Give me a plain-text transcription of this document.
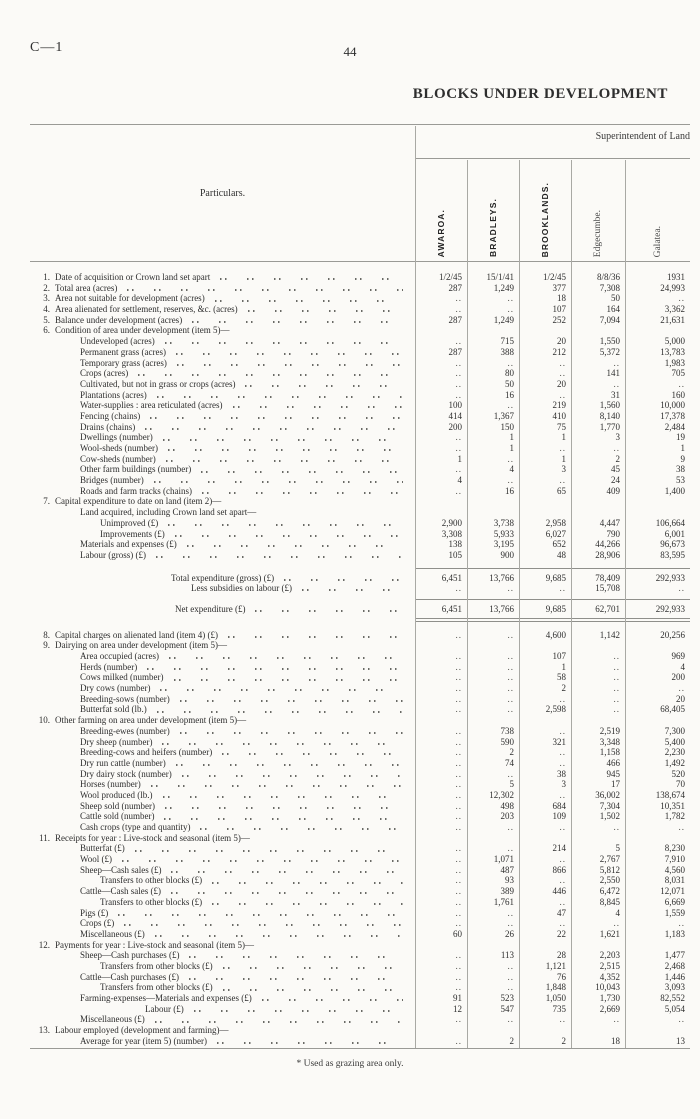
C—1	44
BLOCKS UNDER DEVELOPMENT
Superintendent of Land
Particulars.
AWAROA.	BRADLEYS.	BROOKLANDS.	Edgecumbe.	Galatea.
1. Date of acquisition or Crown land set apart	1/2/45	15/1/41	1/2/45	8/8/36	1931
2. Total area (acres)	287	1,249	377	7,308	24,993
3. Area not suitable for development (acres)	..	..	18	50	..
4. Area alienated for settlement, reserves, &c. (acres)	..	..	107	164	3,362
5. Balance under development (acres)	287	1,249	252	7,094	21,631
6. Condition of area under development (item 5)—
Undeveloped (acres)	..	715	20	1,550	5,000
Permanent grass (acres)	287	388	212	5,372	13,783
Temporary grass (acres)	..	..	..	..	1,983
Crops (acres)	..	80	..	141	705
Cultivated, but not in grass or crops (acres)	..	50	20	..	..
Plantations (acres)	..	16	..	31	160
Water-supplies : area reticulated (acres)	100	..	219	1,560	10,000
Fencing (chains)	414	1,367	410	8,140	17,378
Drains (chains)	200	150	75	1,770	2,484
Dwellings (number)	..	1	1	3	19
Wool-sheds (number)	..	1	..	..	1
Cow-sheds (number)	1	..	1	2	9
Other farm buildings (number)	..	4	3	45	38
Bridges (number)	4	..	..	24	53
Roads and farm tracks (chains)	..	16	65	409	1,400
7. Capital expenditure to date on land (item 2)—
Land acquired, including Crown land set apart—
Unimproved (£)	2,900	3,738	2,958	4,447	106,664
Improvements (£)	3,308	5,933	6,027	790	6,001
Materials and expenses (£)	138	3,195	652	44,266	96,673
Labour (gross) (£)	105	900	48	28,906	83,595
Total expenditure (gross) (£)	6,451	13,766	9,685	78,409	292,933
Less subsidies on labour (£)	..	..	..	15,708	..
Net expenditure (£)	6,451	13,766	9,685	62,701	292,933
8. Capital charges on alienated land (item 4) (£)	..	..	4,600	1,142	20,256
9. Dairying on area under development (item 5)—
Area occupied (acres)	..	..	107	..	969
Herds (number)	..	..	1	..	4
Cows milked (number)	..	..	58	..	200
Dry cows (number)	..	..	2	..	..
Breeding-sows (number)	..	..	..	..	20
Butterfat sold (lb.)	..	..	2,598	..	68,405
10. Other farming on area under development (item 5)—
Breeding-ewes (number)	..	738	..	2,519	7,300
Dry sheep (number)	..	590	321	3,348	5,400
Breeding-cows and heifers (number)	..	2	..	1,158	2,230
Dry run cattle (number)	..	74	..	466	1,492
Dry dairy stock (number)	..	..	38	945	520
Horses (number)	..	5	3	17	70
Wool produced (lb.)	..	12,302	..	36,002	138,674
Sheep sold (number)	..	498	684	7,304	10,351
Cattle sold (number)	..	203	109	1,502	1,782
Cash crops (type and quantity)	..	..	..	..	..
11. Receipts for year : Live-stock and seasonal (item 5)—
Butterfat (£)	..	..	214	5	8,230
Wool (£)	..	1,071	..	2,767	7,910
Sheep—Cash sales (£)	..	487	866	5,812	4,560
Transfers to other blocks (£)	..	93	..	2,550	8,031
Cattle—Cash sales (£)	..	389	446	6,472	12,071
Transfers to other blocks (£)	..	1,761	..	8,845	6,669
Pigs (£)	..	..	47	4	1,559
Crops (£)	..	..	..	..	..
Miscellaneous (£)	60	26	22	1,621	1,183
12. Payments for year : Live-stock and seasonal (item 5)—
Sheep—Cash purchases (£)	..	113	28	2,203	1,477
Transfers from other blocks (£)	..	..	1,121	2,515	2,468
Cattle—Cash purchases (£)	..	..	76	4,352	1,446
Transfers from other blocks (£)	..	..	1,848	10,043	3,093
Farming-expenses—Materials and expenses (£)	91	523	1,050	1,730	82,552
Labour (£)	12	547	735	2,669	5,054
Miscellaneous (£)	..	..	..	..	..
13. Labour employed (development and farming)—
Average for year (item 5) (number)	..	2	2	18	13
* Used as grazing area only.
